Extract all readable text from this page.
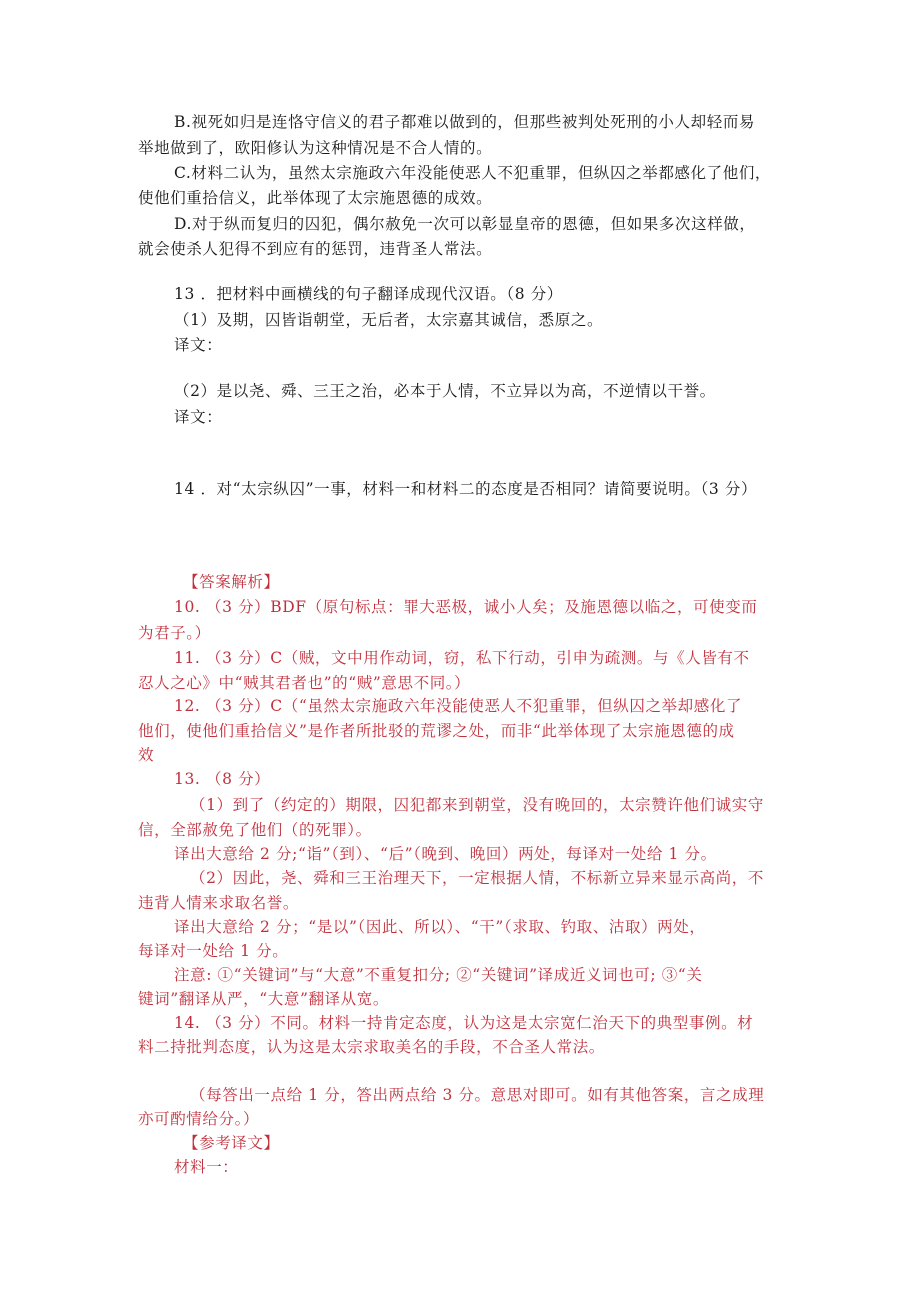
B.视死如归是连恪守信义的君子都难以做到的，但那些被判处死刑的小人却轻而易
举地做到了，欧阳修认为这种情况是不合人情的。
C.材料二认为，虽然太宗施政六年没能使恶人不犯重罪，但纵囚之举都感化了他们，
使他们重拾信义，此举体现了太宗施恩德的成效。
D.对于纵而复归的囚犯，偶尔赦免一次可以彰显皇帝的恩德，但如果多次这样做，
就会使杀人犯得不到应有的惩罚，违背圣人常法。
13 ．把材料中画横线的句子翻译成现代汉语。（8 分）
（1）及期，囚皆诣朝堂，无后者，太宗嘉其诚信，悉原之。
译文：
（2）是以尧、舜、三王之治，必本于人情，不立异以为高，不逆情以干誉。
译文：
14 ．对“太宗纵囚”一事，材料一和材料二的态度是否相同？请简要说明。（3 分）
【答案解析】
10. （3 分）BDF（原句标点：罪大恶极，诚小人矣；及施恩德以临之，可使变而
为君子。）
11. （3 分）C（贼，文中用作动词，窃，私下行动，引申为疏测。与《人皆有不
忍人之心》中“贼其君者也”的“贼”意思不同。）
12. （3 分）C（“虽然太宗施政六年没能使恶人不犯重罪，但纵囚之举却感化了
他们，使他们重拾信义”是作者所批驳的荒谬之处，而非“此举体现了太宗施恩德的成
效
13. （8 分）
（1）到了（约定的）期限，囚犯都来到朝堂，没有晚回的，太宗赞许他们诚实守
信，全部赦免了他们（的死罪）。
译出大意给 2 分;“诣”（到）、“后”（晚到、晚回）两处，每译对一处给 1 分。
（2）因此，尧、舜和三王治理天下，一定根据人情，不标新立异来显示高尚，不
违背人情来求取名誉。
译出大意给 2 分；“是以”（因此、所以）、“干”（求取、钓取、沽取）两处，
每译对一处给 1 分。
注意: ①“关键词”与“大意”不重复扣分; ②“关键词”译成近义词也可; ③“关
键词”翻译从严，“大意”翻译从宽。
14. （3 分）不同。材料一持肯定态度，认为这是太宗宽仁治天下的典型事例。材
料二持批判态度，认为这是太宗求取美名的手段，不合圣人常法。
（每答出一点给 1 分，答出两点给 3 分。意思对即可。如有其他答案，言之成理
亦可酌情给分。）
【参考译文】
材料一：
